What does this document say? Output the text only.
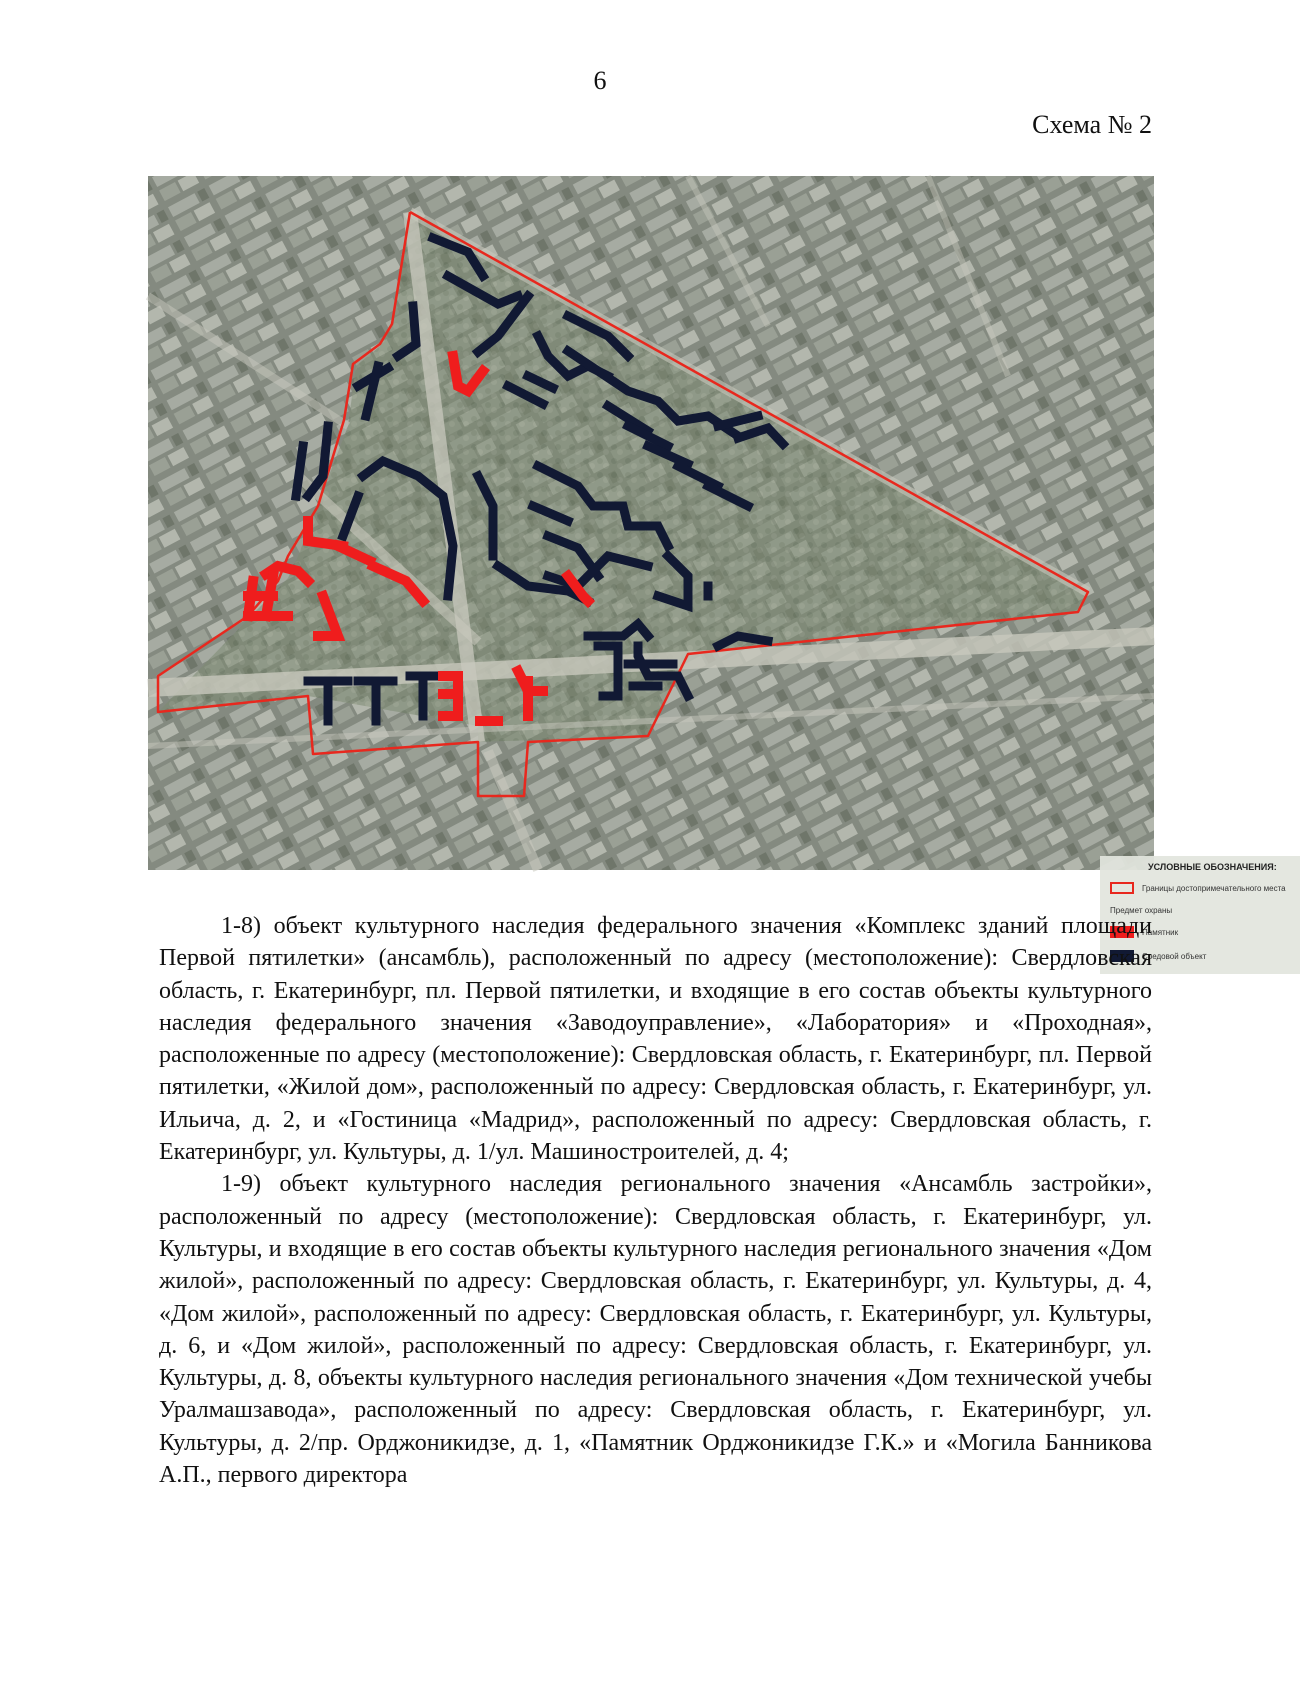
6
Схема № 2
УСЛОВНЫЕ ОБОЗНАЧЕНИЯ:
Границы достопримечательного места
Предмет охраны
Памятник
Средовой объект

1-8) объект культурного наследия федерального значения «Комплекс зданий площади Первой пятилетки» (ансамбль), расположенный по адресу (местоположение): Свердловская область, г. Екатеринбург, пл. Первой пятилетки, и входящие в его состав объекты культурного наследия федерального значения «Заводоуправление», «Лаборатория» и «Проходная», расположенные по адресу (местоположение): Свердловская область, г. Екатеринбург, пл. Первой пятилетки, «Жилой дом», расположенный по адресу: Свердловская область, г. Екатеринбург, ул. Ильича, д. 2, и «Гостиница «Мадрид», расположенный по адресу: Свердловская область, г. Екатеринбург, ул. Культуры, д. 1/ул. Машиностроителей, д. 4;

1-9) объект культурного наследия регионального значения «Ансамбль застройки», расположенный по адресу (местоположение): Свердловская область, г. Екатеринбург, ул. Культуры, и входящие в его состав объекты культурного наследия регионального значения «Дом жилой», расположенный по адресу: Свердловская область, г. Екатеринбург, ул. Культуры, д. 4, «Дом жилой», расположенный по адресу: Свердловская область, г. Екатеринбург, ул. Культуры, д. 6, и «Дом жилой», расположенный по адресу: Свердловская область, г. Екатеринбург, ул. Культуры, д. 8, объекты культурного наследия регионального значения «Дом технической учебы Уралмашзавода», расположенный по адресу: Свердловская область, г. Екатеринбург, ул. Культуры, д. 2/пр. Орджоникидзе, д. 1, «Памятник Орджоникидзе Г.К.» и «Могила Банникова А.П., первого директора
